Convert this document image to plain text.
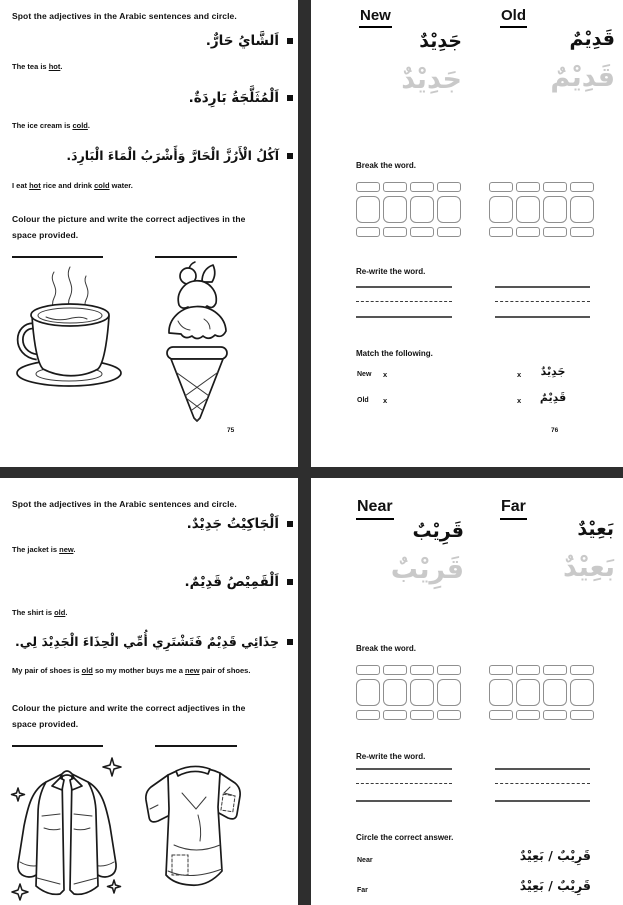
Spot the adjectives in the Arabic sentences and circle.
اَلشَّايُ حَارٌّ.
The tea is hot.
اَلْمُثَلَّجَةُ بَارِدَةٌ.
The ice cream is cold.
آكُلُ الْأَرُزَّ الْحَارَّ وَأَشْرَبُ الْمَاءَ الْبَارِدَ.
I eat hot rice and drink cold water.
Colour the picture and write the correct adjectives in the space provided.
75
New	Old
جَدِيْدٌ	قَدِيْمٌ
جَدِيْدٌ	قَدِيْمٌ
Break the word.
Re-write the word.
Match the following.
New x	x	جَدِيْدٌ
Old x	x	قَدِيْمٌ
76
Spot the adjectives in the Arabic sentences and circle.
اَلْجَاكِيْتُ جَدِيْدٌ.
The jacket is new.
اَلْقَمِيْصُ قَدِيْمٌ.
The shirt is old.
حِذَائِي قَدِيْمٌ فَتَشْتَرِي أُمِّي الْحِذَاءَ الْجَدِيْدَ لِي.
My pair of shoes is old so my mother buys me a new pair of shoes.
Colour the picture and write the correct adjectives in the space provided.
Near	Far
قَرِيْبٌ	بَعِيْدٌ
قَرِيْبٌ	بَعِيْدٌ
Break the word.
Re-write the word.
Circle the correct answer.
Near	قَرِيْبٌ / بَعِيْدٌ
Far	قَرِيْبٌ / بَعِيْدٌ
